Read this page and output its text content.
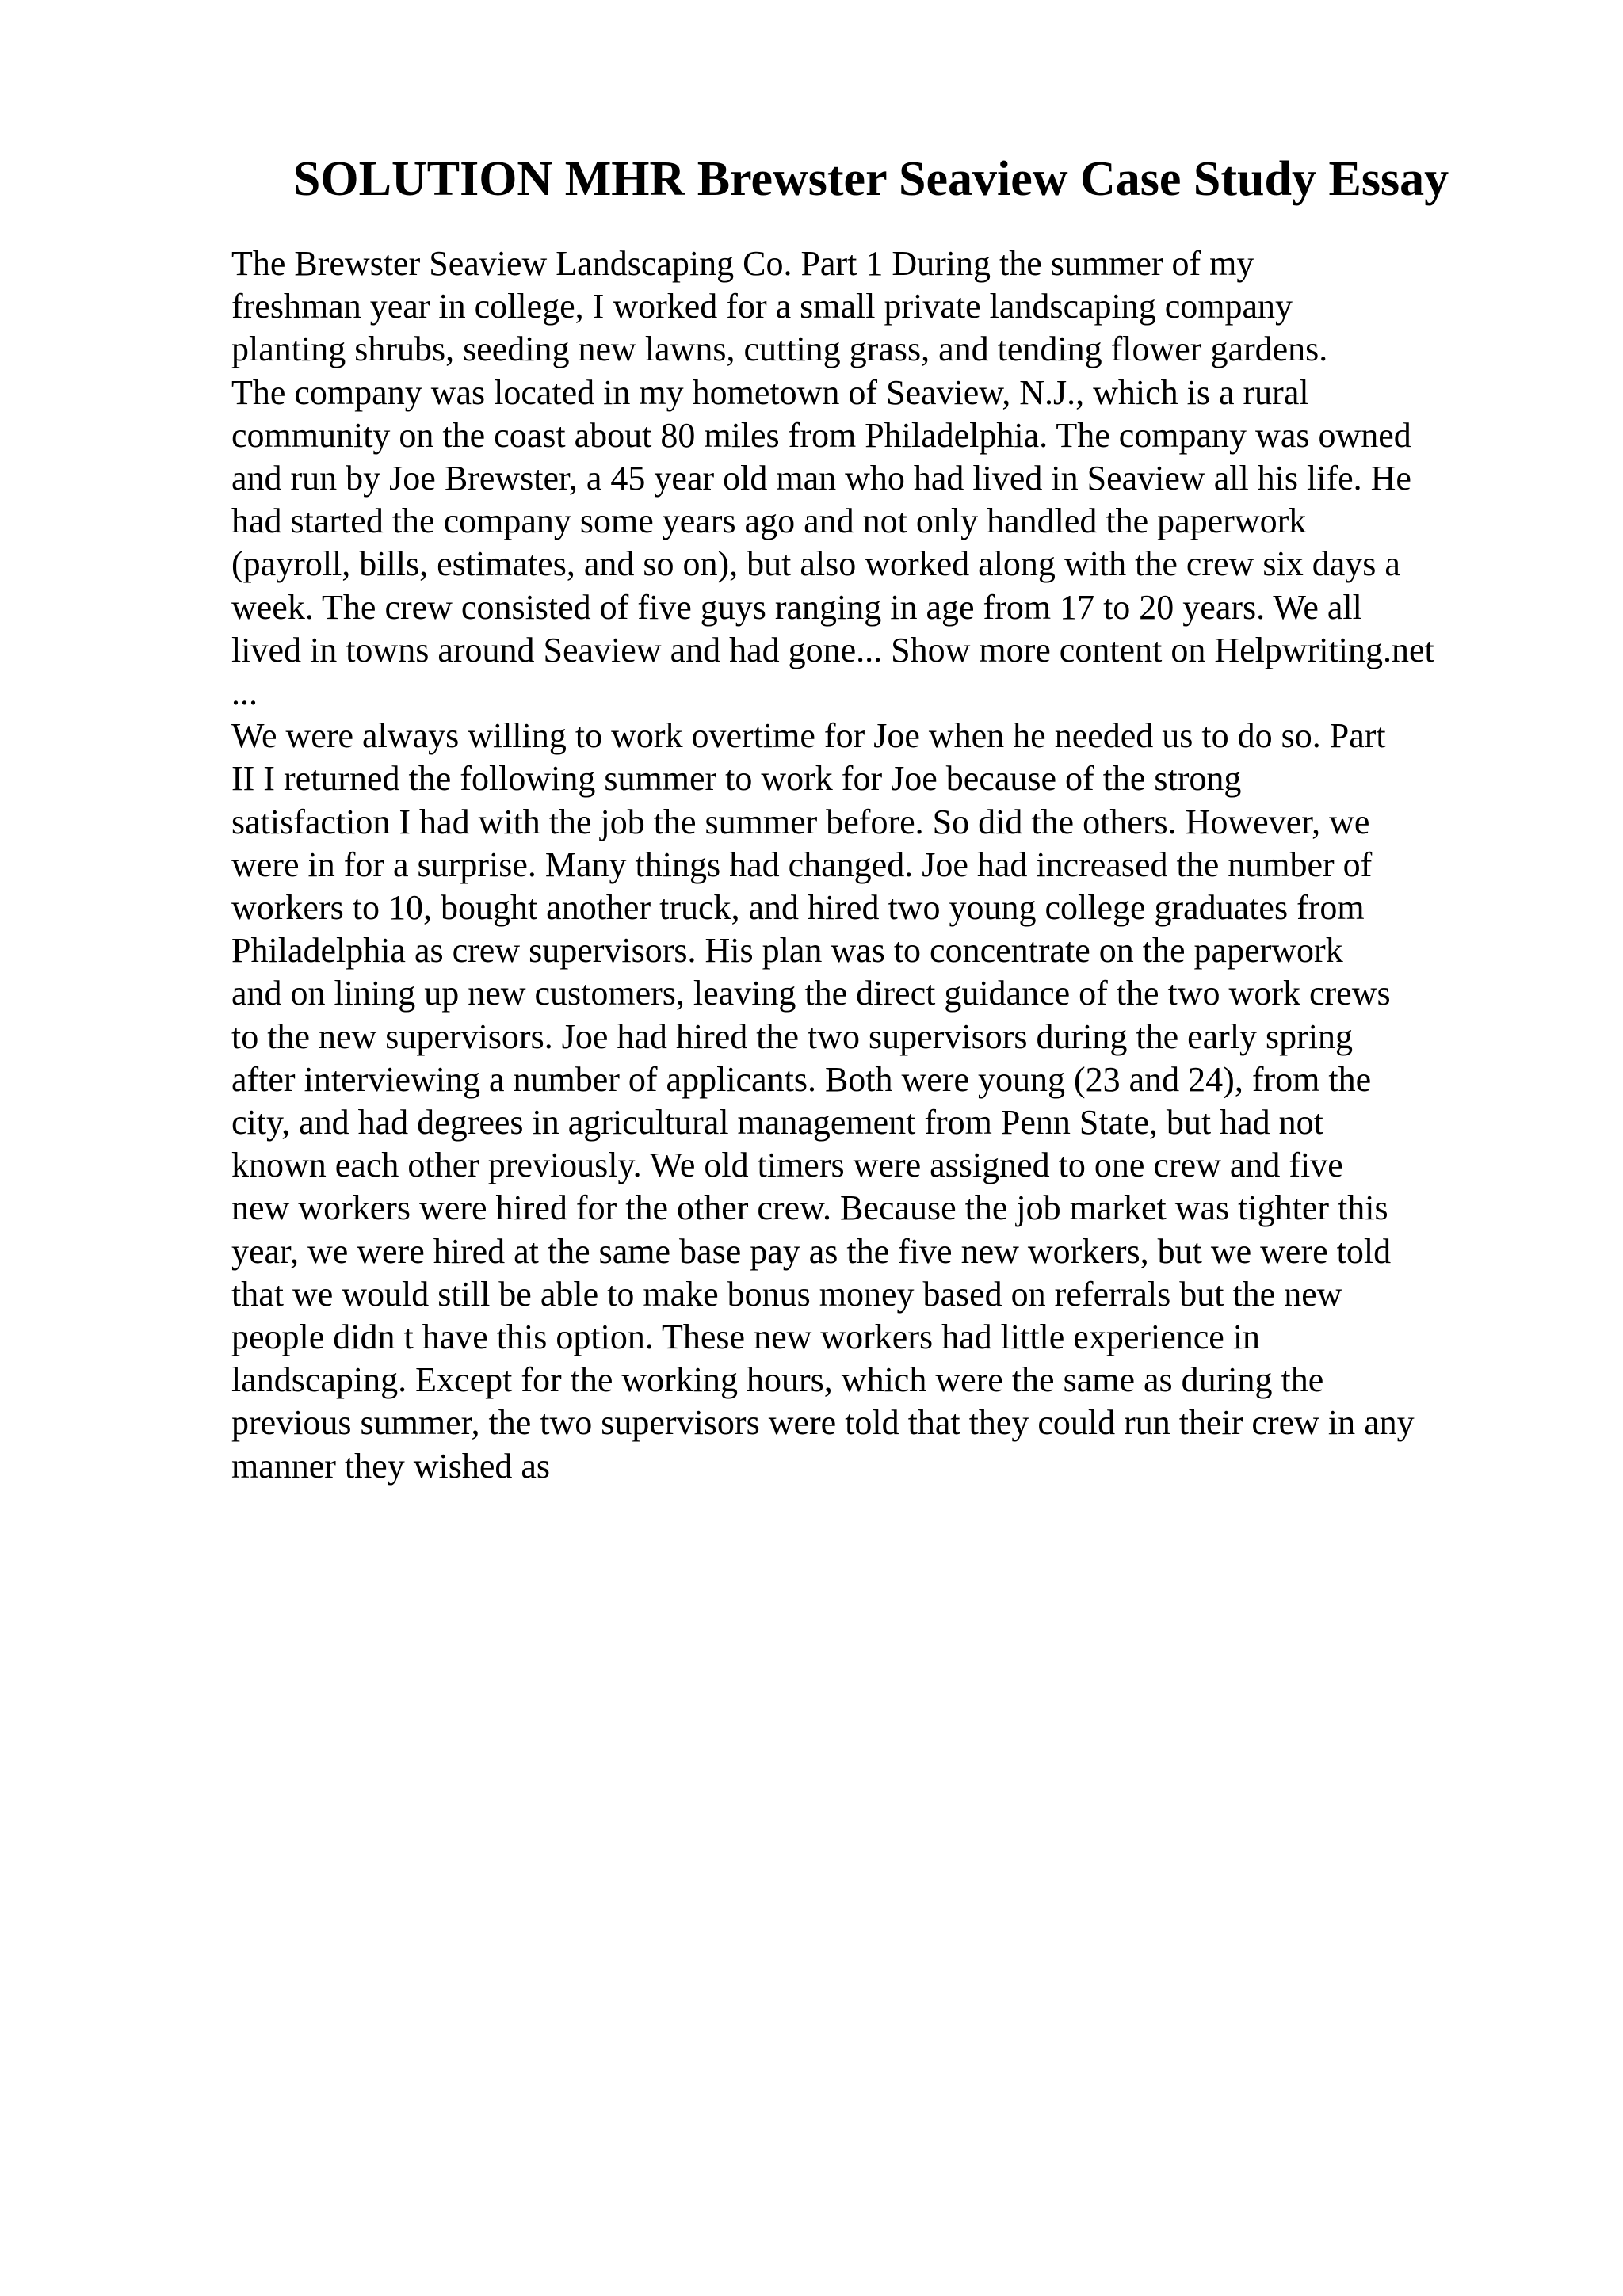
SOLUTION MHR Brewster Seaview Case Study Essay
The Brewster Seaview Landscaping Co. Part 1 During the summer of my
freshman year in college, I worked for a small private landscaping company
planting shrubs, seeding new lawns, cutting grass, and tending flower gardens.
The company was located in my hometown of Seaview, N.J., which is a rural
community on the coast about 80 miles from Philadelphia. The company was owned
and run by Joe Brewster, a 45 year old man who had lived in Seaview all his life. He
had started the company some years ago and not only handled the paperwork
(payroll, bills, estimates, and so on), but also worked along with the crew six days a
week. The crew consisted of five guys ranging in age from 17 to 20 years. We all
lived in towns around Seaview and had gone... Show more content on Helpwriting.net
...
We were always willing to work overtime for Joe when he needed us to do so. Part
II I returned the following summer to work for Joe because of the strong
satisfaction I had with the job the summer before. So did the others. However, we
were in for a surprise. Many things had changed. Joe had increased the number of
workers to 10, bought another truck, and hired two young college graduates from
Philadelphia as crew supervisors. His plan was to concentrate on the paperwork
and on lining up new customers, leaving the direct guidance of the two work crews
to the new supervisors. Joe had hired the two supervisors during the early spring
after interviewing a number of applicants. Both were young (23 and 24), from the
city, and had degrees in agricultural management from Penn State, but had not
known each other previously. We old timers were assigned to one crew and five
new workers were hired for the other crew. Because the job market was tighter this
year, we were hired at the same base pay as the five new workers, but we were told
that we would still be able to make bonus money based on referrals but the new
people didn t have this option. These new workers had little experience in
landscaping. Except for the working hours, which were the same as during the
previous summer, the two supervisors were told that they could run their crew in any
manner they wished as
